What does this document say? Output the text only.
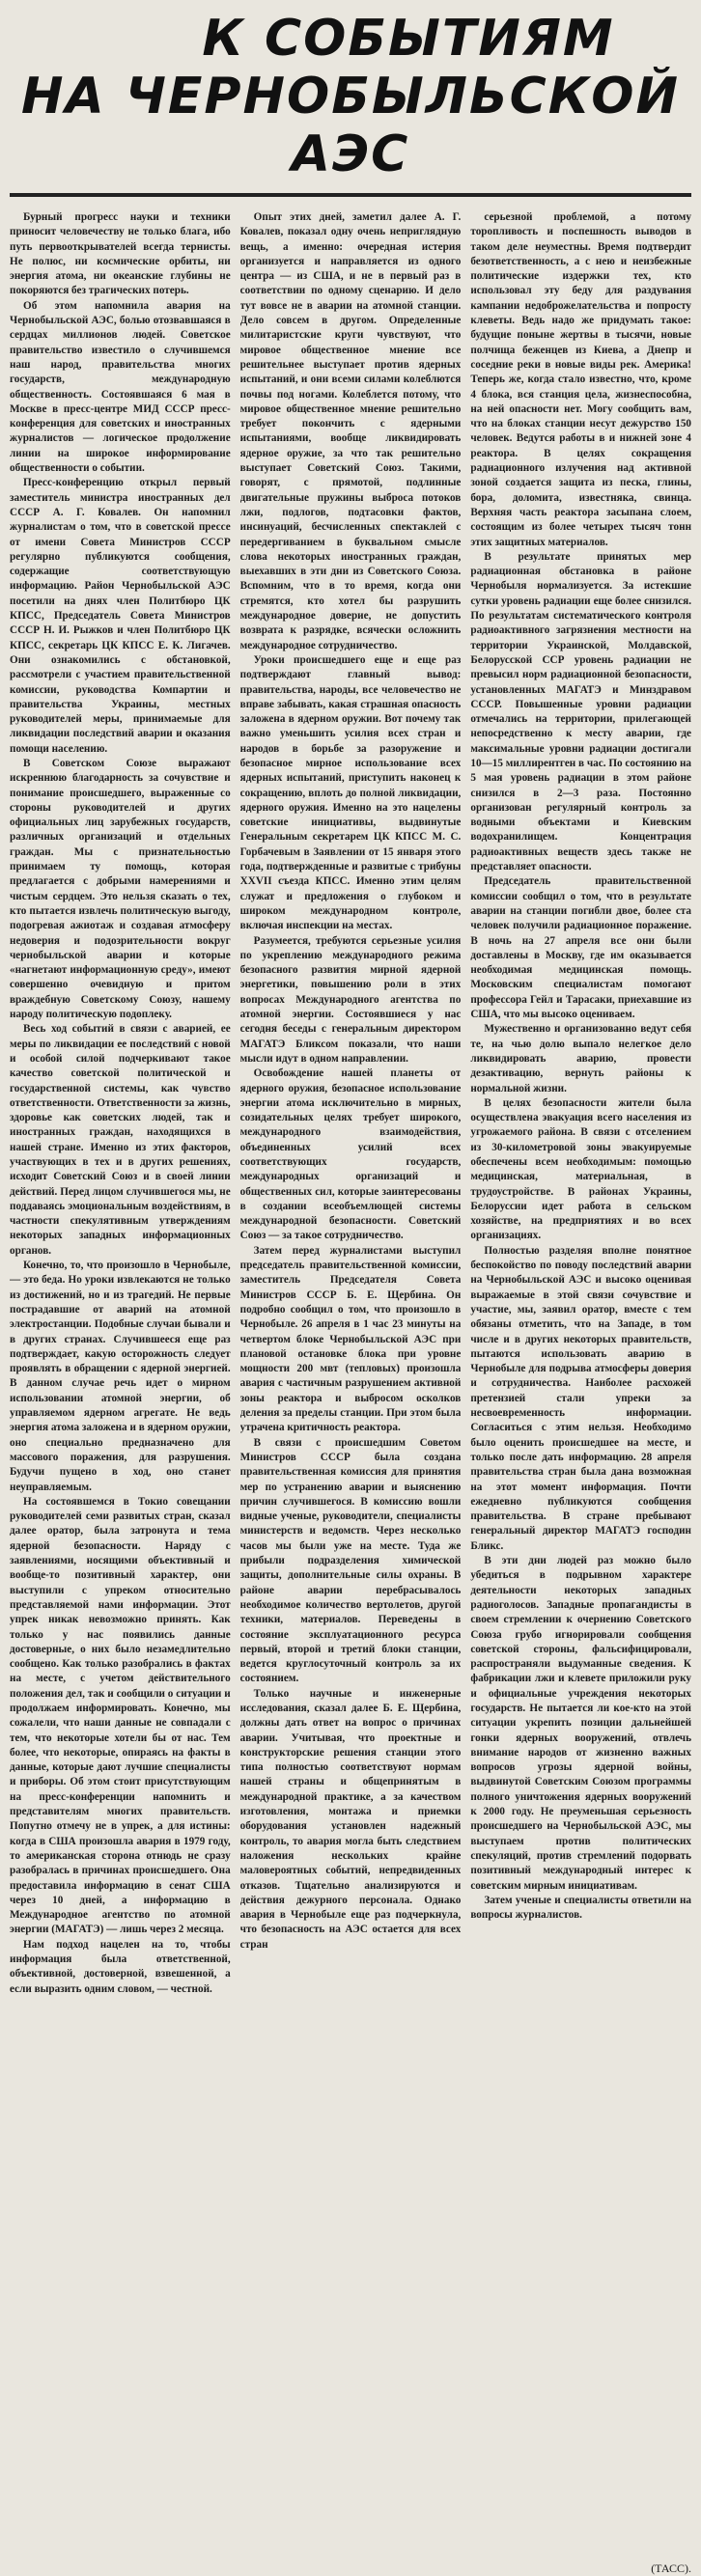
К СОБЫТИЯМ
НА ЧЕРНОБЫЛЬСКОЙ АЭС

Бурный прогресс науки и техники приносит человечеству не только блага, ибо путь первооткрывателей всегда тернисты. Не полюс, ни космические орбиты, ни энергия атома, ни океанские глубины не покоряются без трагических потерь.

Об этом напомнила авария на Чернобыльской АЭС, болью отозвавшаяся в сердцах миллионов людей. Советское правительство известило о случившемся наш народ, правительства многих государств, международную общественность. Состоявшаяся 6 мая в Москве в пресс-центре МИД СССР пресс-конференция для советских и иностранных журналистов — логическое продолжение линии на широкое информирование общественности о событии.

Пресс-конференцию открыл первый заместитель министра иностранных дел СССР А. Г. Ковалев. Он напомнил журналистам о том, что в советской прессе от имени Совета Министров СССР регулярно публикуются сообщения, содержащие соответствующую информацию. Район Чернобыльской АЭС посетили на днях член Политбюро ЦК КПСС, Председатель Совета Министров СССР Н. И. Рыжков и член Политбюро ЦК КПСС, секретарь ЦК КПСС Е. К. Лигачев. Они ознакомились с обстановкой, рассмотрели с участием правительственной комиссии, руководства Компартии и правительства Украины, местных руководителей меры, принимаемые для ликвидации последствий аварии и оказания помощи населению.

В Советском Союзе выражают искреннюю благодарность за сочувствие и понимание происшедшего, выраженные со стороны руководителей и других официальных лиц зарубежных государств, различных организаций и отдельных граждан. Мы с признательностью принимаем ту помощь, которая предлагается с добрыми намерениями и чистым сердцем. Это нельзя сказать о тех, кто пытается извлечь политическую выгоду, подогревая ажиотаж и создавая атмосферу недоверия и подозрительности вокруг чернобыльской аварии и которые «нагнетают информационную среду», имеют совершенно очевидную и притом враждебную Советскому Союзу, нашему народу политическую подоплеку.

Весь ход событий в связи с аварией, ее меры по ликвидации ее последствий с новой и особой силой подчеркивают такое качество советской политической и государственной системы, как чувство ответственности. Ответственности за жизнь, здоровье как советских людей, так и иностранных граждан, находящихся в нашей стране. Именно из этих факторов, участвующих в тех и в других решениях, исходит Советский Союз и в своей линии действий. Перед лицом случившегося мы, не поддаваясь эмоциональным воздействиям, в частности спекулятивным утверждениям некоторых западных информационных органов.

Конечно, то, что произошло в Чернобыле,— это беда. Но уроки извлекаются не только из достижений, но и из трагедий. Не первые пострадавшие от аварий на атомной электростанции. Подобные случаи бывали и в других странах. Случившееся еще раз подтверждает, какую осторожность следует проявлять в обращении с ядерной энергией. В данном случае речь идет о мирном использовании атомной энергии, об управляемом ядерном агрегате. Не ведь энергия атома заложена и в ядерном оружии, оно специально предназначено для массового поражения, для разрушения. Будучи пущено в ход, оно станет неуправляемым.

На состоявшемся в Токио совещании руководителей семи развитых стран, сказал далее оратор, была затронута и тема ядерной безопасности. Наряду с заявлениями, носящими объективный и вообще-то позитивный характер, они выступили с упреком относительно представляемой нами информации. Этот упрек никак невозможно принять. Как только у нас появились данные достоверные, о них было незамедлительно сообщено. Как только разобрались в фактах на месте, с учетом действительного положения дел, так и сообщили о ситуации и продолжаем информировать. Конечно, мы сожалели, что наши данные не совпадали с тем, что некоторые хотели бы от нас. Тем более, что некоторые, опираясь на факты в данные, которые дают лучшие специалисты и приборы. Об этом стоит присутствующим на пресс-конференции напомнить и представителям многих правительств. Попутно отмечу не в упрек, а для истины: когда в США произошла авария в 1979 году, то американская сторона отнюдь не сразу разобралась в причинах происшедшего. Она предоставила информацию в сенат США через 10 дней, а информацию в Международное агентство по атомной энергии (МАГАТЭ) — лишь через 2 месяца.

Нам подход нацелен на то, чтобы информация была ответственной, объективной, достоверной, взвешенной, а если выразить одним словом, — честной.

Опыт этих дней, заметил далее А. Г. Ковалев, показал одну очень неприглядную вещь, а именно: очередная истерия организуется и направляется из одного центра — из США, и не в первый раз в соответствии по одному сценарию. И дело тут вовсе не в аварии на атомной станции. Дело совсем в другом. Определенные милитаристские круги чувствуют, что мировое общественное мнение все решительнее выступает против ядерных испытаний, и они всеми силами колеблются почвы под ногами. Колеблется потому, что мировое общественное мнение решительно требует покончить с ядерными испытаниями, вообще ликвидировать ядерное оружие, за что так решительно выступает Советский Союз. Такими, говорят, с прямотой, подлинные двигательные пружины выброса потоков лжи, подлогов, подтасовки фактов, инсинуаций, бесчисленных спектаклей с передергиванием в буквальном смысле слова некоторых иностранных граждан, выехавших в эти дни из Советского Союза. Вспомним, что в то время, когда они стремятся, кто хотел бы разрушить международное доверие, не допустить возврата к разрядке, всячески осложнить международное сотрудничество.

Уроки происшедшего еще и еще раз подтверждают главный вывод: правительства, народы, все человечество не вправе забывать, какая страшная опасность заложена в ядерном оружии. Вот почему так важно уменьшить усилия всех стран и народов в борьбе за разоружение и безопасное мирное использование всех ядерных испытаний, приступить наконец к сокращению, вплоть до полной ликвидации, ядерного оружия. Именно на это нацелены советские инициативы, выдвинутые Генеральным секретарем ЦК КПСС М. С. Горбачевым в Заявлении от 15 января этого года, подтвержденные и развитые с трибуны XXVII съезда КПСС. Именно этим целям служат и предложения о глубоком и широком международном контроле, включая инспекции на местах.

Разумеется, требуются серьезные усилия по укреплению международного режима безопасного развития мирной ядерной энергетики, повышению роли в этих вопросах Международного агентства по атомной энергии. Состоявшиеся у нас сегодня беседы с генеральным директором МАГАТЭ Бликсом показали, что наши мысли идут в одном направлении.

Освобождение нашей планеты от ядерного оружия, безопасное использование энергии атома исключительно в мирных, созидательных целях требует широкого, международного взаимодействия, объединенных усилий всех соответствующих государств, международных организаций и общественных сил, которые заинтересованы в создании всеобъемлющей системы международной безопасности. Советский Союз — за такое сотрудничество.

Затем перед журналистами выступил председатель правительственной комиссии, заместитель Председателя Совета Министров СССР Б. Е. Щербина. Он подробно сообщил о том, что произошло в Чернобыле. 26 апреля в 1 час 23 минуты на четвертом блоке Чернобыльской АЭС при плановой остановке блока при уровне мощности 200 мвт (тепловых) произошла авария с частичным разрушением активной зоны реактора и выбросом осколков деления за пределы станции. При этом была утрачена критичность реактора.

В связи с происшедшим Советом Министров СССР была создана правительственная комиссия для принятия мер по устранению аварии и выяснению причин случившегося. В комиссию вошли видные ученые, руководители, специалисты министерств и ведомств. Через несколько часов мы были уже на месте. Туда же прибыли подразделения химической защиты, дополнительные силы охраны. В районе аварии перебрасывалось необходимое количество вертолетов, другой техники, материалов. Переведены в состояние эксплуатационного ресурса первый, второй и третий блоки станции, ведется круглосуточный контроль за их состоянием.

Только научные и инженерные исследования, сказал далее Б. Е. Щербина, должны дать ответ на вопрос о причинах аварии. Учитывая, что проектные и конструкторские решения станции этого типа полностью соответствуют нормам нашей страны и общепринятым в международной практике, а за качеством изготовления, монтажа и приемки оборудования установлен надежный контроль, то авария могла быть следствием наложения нескольких крайне маловероятных событий, непредвиденных отказов. Тщательно анализируются и действия дежурного персонала. Однако авария в Чернобыле еще раз подчеркнула, что безопасность на АЭС остается для всех стран

серьезной проблемой, а потому торопливость и поспешность выводов в таком деле неуместны. Время подтвердит безответственность, а с нею и неизбежные политические издержки тех, кто использовал эту беду для раздувания кампании недоброжелательства и попросту клеветы. Ведь надо же придумать такое: будущие поныне жертвы в тысячи, новые полчища беженцев из Киева, а Днепр и соседние реки в новые виды рек. Америка! Теперь же, когда стало известно, что, кроме 4 блока, вся станция цела, жизнеспособна, на ней опасности нет. Могу сообщить вам, что на блоках станции несут дежурство 150 человек. Ведутся работы в и нижней зоне 4 реактора. В целях сокращения радиационного излучения над активной зоной создается защита из песка, глины, бора, доломита, известняка, свинца. Верхняя часть реактора засыпана слоем, состоящим из более четырех тысяч тонн этих защитных материалов.

В результате принятых мер радиационная обстановка в районе Чернобыля нормализуется. За истекшие сутки уровень радиации еще более снизился. По результатам систематического контроля радиоактивного загрязнения местности на территории Украинской, Молдавской, Белорусской ССР уровень радиации не превысил норм радиационной безопасности, установленных МАГАТЭ и Минздравом СССР. Повышенные уровни радиации отмечались на территории, прилегающей непосредственно к месту аварии, где максимальные уровни радиации достигали 10—15 миллирентген в час. По состоянию на 5 мая уровень радиации в этом районе снизился в 2—3 раза. Постоянно организован регулярный контроль за водными объектами и Киевским водохранилищем. Концентрация радиоактивных веществ здесь также не представляет опасности.

Председатель правительственной комиссии сообщил о том, что в результате аварии на станции погибли двое, более ста человек получили радиационное поражение. В ночь на 27 апреля все они были доставлены в Москву, где им оказывается необходимая медицинская помощь. Московским специалистам помогают профессора Гейл и Тарасаки, приехавшие из США, что мы высоко оцениваем.

Мужественно и организованно ведут себя те, на чью долю выпало нелегкое дело ликвидировать аварию, провести дезактивацию, вернуть районы к нормальной жизни.

В целях безопасности жители была осуществлена эвакуация всего населения из угрожаемого района. В связи с отселением из 30-километровой зоны эвакуируемые обеспечены всем необходимым: помощью медицинская, материальная, в трудоустройстве. В районах Украины, Белоруссии идет работа в сельском хозяйстве, на предприятиях и во всех организациях.

Полностью разделяя вполне понятное беспокойство по поводу последствий аварии на Чернобыльской АЭС и высоко оценивая выражаемые в этой связи сочувствие и участие, мы, заявил оратор, вместе с тем обязаны отметить, что на Западе, в том числе и в других некоторых правительств, пытаются использовать аварию в Чернобыле для подрыва атмосферы доверия и сотрудничества. Наиболее расхожей претензией стали упреки за несвоевременность информации. Согласиться с этим нельзя. Необходимо было оценить происшедшее на месте, и только после дать информацию. 28 апреля правительства стран была дана возможная на этот момент информация. Почти ежедневно публикуются сообщения правительства. В стране пребывают генеральный директор МАГАТЭ господин Бликс.

В эти дни людей раз можно было убедиться в подрывном характере деятельности некоторых западных радиоголосов. Западные пропагандисты в своем стремлении к очернению Советского Союза грубо игнорировали сообщения советской стороны, фальсифицировали, распространяли выдуманные сведения. К фабрикации лжи и клевете приложили руку и официальные учреждения некоторых государств. Не пытается ли кое-кто на этой ситуации укрепить позиции дальнейшей гонки ядерных вооружений, отвлечь внимание народов от жизненно важных вопросов угрозы ядерной войны, выдвинутой Советским Союзом программы полного уничтожения ядерных вооружений к 2000 году. Не преуменьшая серьезность происшедшего на Чернобыльской АЭС, мы выступаем против политических спекуляций, против стремлений подорвать позитивный международный интерес к советским мирным инициативам.

Затем ученые и специалисты ответили на вопросы журналистов.

(ТАСС).
